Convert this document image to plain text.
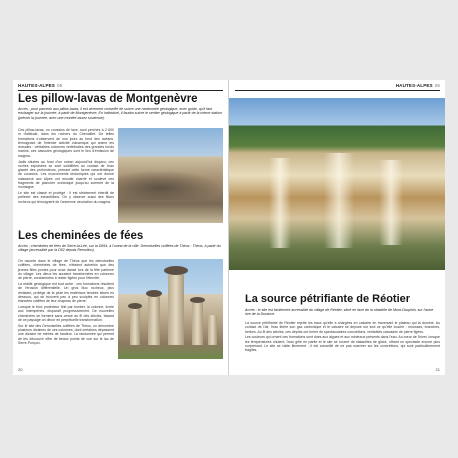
HAUTES-ALPES 05
Les pillow-lavas de Montgenèvre

Accès : pour parvenir aux pillow-lavas, il est vivement conseillé de suivre une randonnée géologique, avec guide, qu'il faut envisager sur la journée, à partir de Montgenèvre. En individuel, il faudra suivre le sentier géologique à partir de la même station (prévoir la journée, avec une montée assez soutenue).

Ces pillow-lavas, ou coussins de lave, sont perchés à 2 600 m d'altitude, dans les rochers du Chenaillet. De telles formations s'observent de nos jours au fond des océans, témoignant de l'intense activité volcanique qui anime les dorsales : véritables colonnes vertébrales des grandes fonds marins, ces cassures géologiques sont le lieu d'émission de magma.

Jadis situées au fond d'un océan aujourd'hui disparu, ces roches expulsées se sont solidifiées au contact de l'eau glacée des profondeurs, prenant cette forme caractéristique de coussins. Les mouvements tectoniques qui ont donné naissance aux Alpes ont ensuite charrié et soulevé ces fragments de plancher océanique jusqu'au sommet de la montagne.

Le site est classé et protégé : il est strictement interdit de prélever des échantillons. On y observe aussi des filons rocheux qui témoignent de l'ancienne circulation du magma.

Les cheminées de fées

Accès : cheminées de fées de Serre-la-Lée, sur la D954, à l'ouest de la ville. Demoiselles coiffées de Théus : Théus, à partir du village (accessible par la D52 depuis Remollon).

On raconte dans le village de Théus que les demoiselles coiffées, cheminées de fées, n'étaient autrefois que des jeunes filles punies pour avoir dansé lors de la fête païenne du village. Les dieux les auraient transformées en colonnes de pierre, condamnées à rester figées pour l'éternité.

La réalité géologique est tout autre : ces formations résultent de l'érosion différentielle. Un gros bloc rocheux, plus résistant, protège de la pluie les matériaux tendres situés en dessous, qui se trouvent peu à peu sculptés en colonnes élancées coiffées de leur chapeau de pierre.

Lorsque le bloc protecteur finit par tomber, la colonne, livrée aux intempéries, disparaît progressivement. De nouvelles cheminées se forment sans cesse au fil des siècles, faisant de ce paysage un décor en perpétuelle transformation.

Sur le site des Demoiselles coiffées de Théus, on dénombre plusieurs dizaines de ces colonnes, dont certaines dépassent une dizaine de mètres de hauteur. La randonnée qui permet de les découvrir offre de beaux points de vue sur le lac de Serre-Ponçon.

20
HAUTES-ALPES 05
La source pétrifiante de Réotier

Accès : le site est facilement accessible du village de Réotier, situé en face de la citadelle de Mont-Dauphin, sur l'autre rive de la Durance.

La source pétrifiante de Réotier rejette les eaux qu'elle a chargées en calcaire en traversant le plateau qui la domine. Au contact de l'air, l'eau libère son gaz carbonique et le calcaire se dépose sur tout ce qu'elle touche : mousses, branches, herbes. Au fil des siècles, ces dépôts ont formé de spectaculaires concrétions, véritables cascades de pierre figées.

Les couleurs qui ornent ces formations sont dues aux algues et aux minéraux présents dans l'eau. Au cœur de l'hiver, lorsque les températures chutent, l'eau gèle en partie et le site se couvre de stalactites de glace, offrant un spectacle encore plus surprenant. Le site se visite librement ; il est conseillé de ne pas marcher sur les concrétions, qui sont particulièrement fragiles.

21
